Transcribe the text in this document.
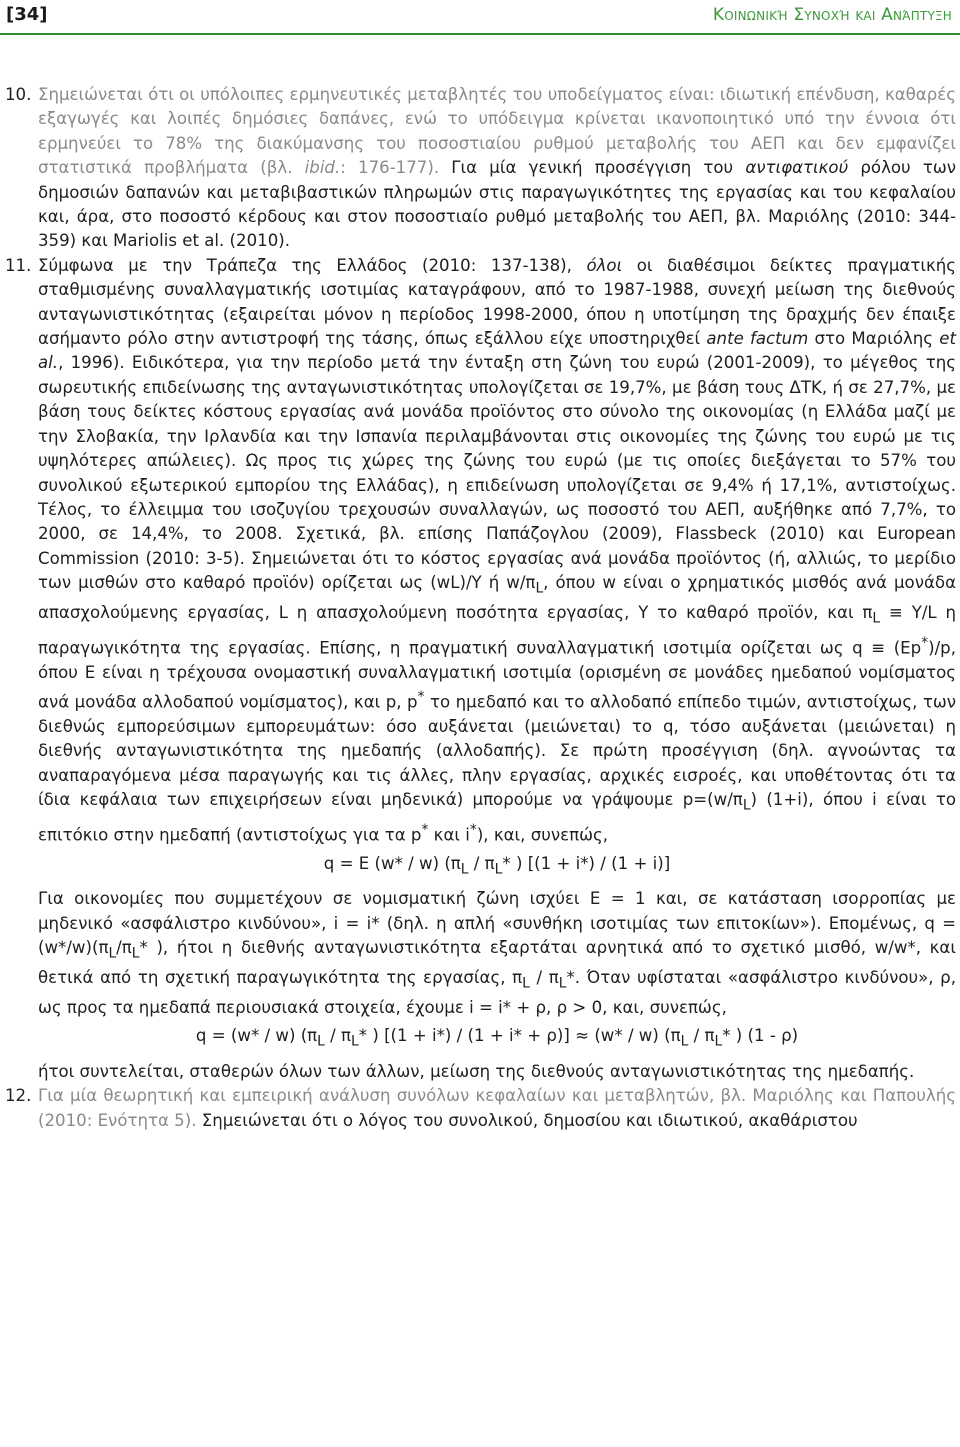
[34]	Κοινωνική Συνοχή και Ανάπτυξη

10. Σημειώνεται ότι οι υπόλοιπες ερμηνευτικές μεταβλητές του υποδείγματος είναι: ιδιωτική επένδυση, καθαρές εξαγωγές και λοιπές δημόσιες δαπάνες, ενώ το υπόδειγμα κρίνεται ικανοποιητικό υπό την έννοια ότι ερμηνεύει το 78% της διακύμανσης του ποσοστιαίου ρυθμού μεταβολής του ΑΕΠ και δεν εμφανίζει στατιστικά προβλήματα (βλ. ibid.: 176-177). Για μία γενική προσέγγιση του αντιφατικού ρόλου των δημοσιών δαπανών και μεταβιβαστικών πληρωμών στις παραγωγικότητες της εργασίας και του κεφαλαίου και, άρα, στο ποσοστό κέρδους και στον ποσοστιαίο ρυθμό μεταβολής του ΑΕΠ, βλ. Μαριόλης (2010: 344-359) και Mariolis et al. (2010).

11. Σύμφωνα με την Τράπεζα της Ελλάδος (2010: 137-138), όλοι οι διαθέσιμοι δείκτες πραγματικής σταθμισμένης συναλλαγματικής ισοτιμίας καταγράφουν, από το 1987-1988, συνεχή μείωση της διεθνούς ανταγωνιστικότητας (εξαιρείται μόνον η περίοδος 1998-2000, όπου η υποτίμηση της δραχμής δεν έπαιξε ασήμαντο ρόλο στην αντιστροφή της τάσης, όπως εξάλλου είχε υποστηριχθεί ante factum στο Μαριόλης et al., 1996). Ειδικότερα, για την περίοδο μετά την ένταξη στη ζώνη του ευρώ (2001-2009), το μέγεθος της σωρευτικής επιδείνωσης της ανταγωνιστικότητας υπολογίζεται σε 19,7%, με βάση τους ΔΤΚ, ή σε 27,7%, με βάση τους δείκτες κόστους εργασίας ανά μονάδα προϊόντος στο σύνολο της οικονομίας (η Ελλάδα μαζί με την Σλοβακία, την Ιρλανδία και την Ισπανία περιλαμβάνονται στις οικονομίες της ζώνης του ευρώ με τις υψηλότερες απώλειες). Ως προς τις χώρες της ζώνης του ευρώ (με τις οποίες διεξάγεται το 57% του συνολικού εξωτερικού εμπορίου της Ελλάδας), η επιδείνωση υπολογίζεται σε 9,4% ή 17,1%, αντιστοίχως. Τέλος, το έλλειμμα του ισοζυγίου τρεχουσών συναλλαγών, ως ποσοστό του ΑΕΠ, αυξήθηκε από 7,7%, το 2000, σε 14,4%, το 2008. Σχετικά, βλ. επίσης Παπάζογλου (2009), Flassbeck (2010) και European Commission (2010: 3-5). Σημειώνεται ότι το κόστος εργασίας ανά μονάδα προϊόντος (ή, αλλιώς, το μερίδιο των μισθών στο καθαρό προϊόν) ορίζεται ως (wL)/Y ή $w/\pi_L$, όπου w είναι ο χρηματικός μισθός ανά μονάδα απασχολούμενης εργασίας, L η απασχολούμενη ποσότητα εργασίας, Y το καθαρό προϊόν, και $\pi_L \equiv Y/L$ η παραγωγικότητα της εργασίας. Επίσης, η πραγματική συναλλαγματική ισοτιμία ορίζεται ως q ≡ (Ep*)/p, όπου E είναι η τρέχουσα ονομαστική συναλλαγματική ισοτιμία (ορισμένη σε μονάδες ημεδαπού νομίσματος ανά μονάδα αλλοδαπού νομίσματος), και p, p* το ημεδαπό και το αλλοδαπό επίπεδο τιμών, αντιστοίχως, των διεθνώς εμπορεύσιμων εμπορευμάτων: όσο αυξάνεται (μειώνεται) το q, τόσο αυξάνεται (μειώνεται) η διεθνής ανταγωνιστικότητα της ημεδαπής (αλλοδαπής). Σε πρώτη προσέγγιση (δηλ. αγνοώντας τα αναπαραγόμενα μέσα παραγωγής και τις άλλες, πλην εργασίας, αρχικές εισροές, και υποθέτοντας ότι τα ίδια κεφάλαια των επιχειρήσεων είναι μηδενικά) μπορούμε να γράψουμε $p=(w/\pi_L)$ (1+i), όπου i είναι το επιτόκιο στην ημεδαπή (αντιστοίχως για τα p* και i*), και, συνεπώς,

q = E (w* / w) ($\pi_L / \pi_L*$ ) [(1 + i*) / (1 + i)]

Για οικονομίες που συμμετέχουν σε νομισματική ζώνη ισχύει E = 1 και, σε κατάσταση ισορροπίας με μηδενικό «ασφάλιστρο κινδύνου», i = i* (δηλ. η απλή «συνθήκη ισοτιμίας των επιτοκίων»). Επομένως, $q = (w*/w)(\pi_L/\pi_L*$ ), ήτοι η διεθνής ανταγωνιστικότητα εξαρτάται αρνητικά από το σχετικό μισθό, w/w*, και θετικά από τη σχετική παραγωγικότητα της εργασίας, $\pi_L / \pi_L*$. Όταν υφίσταται «ασφάλιστρο κινδύνου», ρ, ως προς τα ημεδαπά περιουσιακά στοιχεία, έχουμε i = i* + ρ, ρ > 0, και, συνεπώς,

q = (w* / w) ($\pi_L / \pi_L*$ ) [(1 + i*) / (1 + i* + ρ)] ≈ (w* / w) ($\pi_L / \pi_L*$ ) (1 - ρ)

ήτοι συντελείται, σταθερών όλων των άλλων, μείωση της διεθνούς ανταγωνιστικότητας της ημεδαπής.

12. Για μία θεωρητική και εμπειρική ανάλυση συνόλων κεφαλαίων και μεταβλητών, βλ. Μαριόλης και Παπουλής (2010: Ενότητα 5). Σημειώνεται ότι ο λόγος του συνολικού, δημοσίου και ιδιωτικού, ακαθάριστου
